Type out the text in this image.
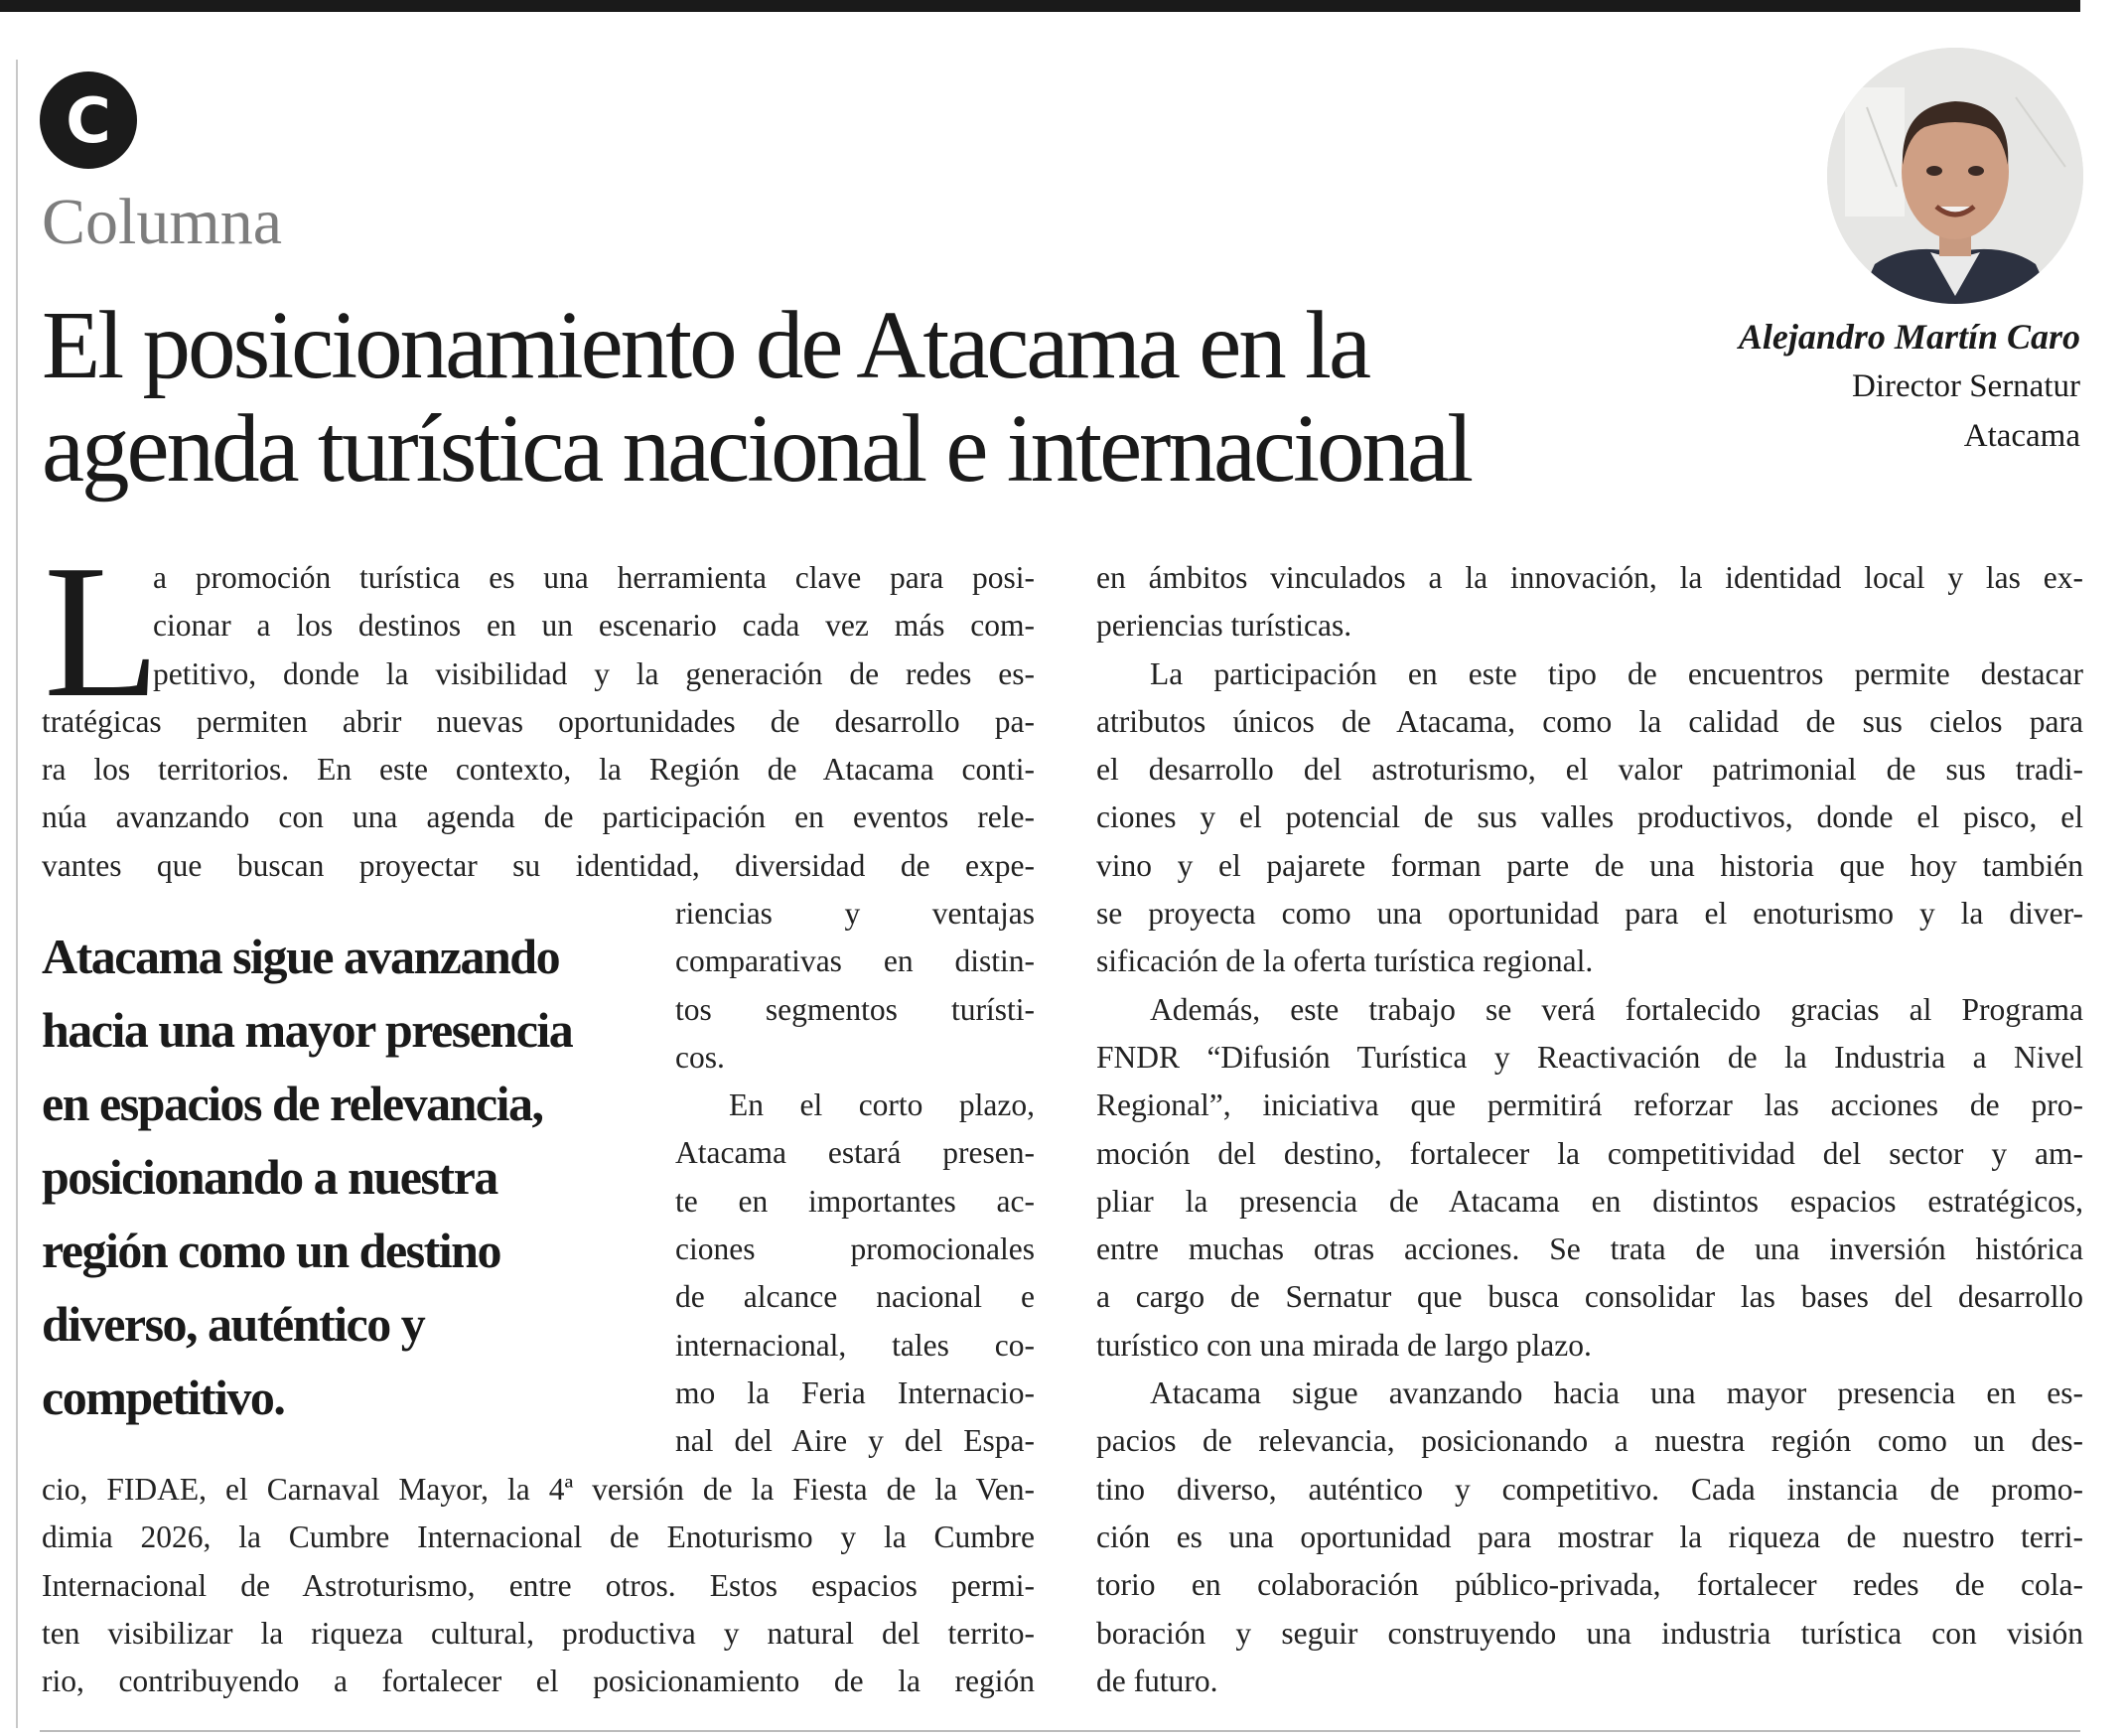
C
Columna
El posicionamiento de Atacama en la
agenda turística nacional e internacional
Alejandro Martín Caro
Director Sernatur
Atacama
L
a promoción turística es una herramienta clave para posi-
cionar a los destinos en un escenario cada vez más com-
petitivo, donde la visibilidad y la generación de redes es-
tratégicas permiten abrir nuevas oportunidades de desarrollo pa-
ra los territorios. En este contexto, la Región de Atacama conti-
núa avanzando con una agenda de participación en eventos rele-
vantes que buscan proyectar su identidad, diversidad de expe-
riencias y ventajas
comparativas en distin-
tos segmentos turísti-
cos.
En el corto plazo,
Atacama estará presen-
te en importantes ac-
ciones promocionales
de alcance nacional e
internacional, tales co-
mo la Feria Internacio-
nal del Aire y del Espa-
Atacama sigue avanzando
hacia una mayor presencia
en espacios de relevancia,
posicionando a nuestra
región como un destino
diverso, auténtico y
competitivo.
cio, FIDAE, el Carnaval Mayor, la 4ª versión de la Fiesta de la Ven-
dimia 2026, la Cumbre Internacional de Enoturismo y la Cumbre
Internacional de Astroturismo, entre otros. Estos espacios permi-
ten visibilizar la riqueza cultural, productiva y natural del territo-
rio, contribuyendo a fortalecer el posicionamiento de la región
en ámbitos vinculados a la innovación, la identidad local y las ex-
periencias turísticas.
La participación en este tipo de encuentros permite destacar
atributos únicos de Atacama, como la calidad de sus cielos para
el desarrollo del astroturismo, el valor patrimonial de sus tradi-
ciones y el potencial de sus valles productivos, donde el pisco, el
vino y el pajarete forman parte de una historia que hoy también
se proyecta como una oportunidad para el enoturismo y la diver-
sificación de la oferta turística regional.
Además, este trabajo se verá fortalecido gracias al Programa
FNDR “Difusión Turística y Reactivación de la Industria a Nivel
Regional”, iniciativa que permitirá reforzar las acciones de pro-
moción del destino, fortalecer la competitividad del sector y am-
pliar la presencia de Atacama en distintos espacios estratégicos,
entre muchas otras acciones. Se trata de una inversión histórica
a cargo de Sernatur que busca consolidar las bases del desarrollo
turístico con una mirada de largo plazo.
Atacama sigue avanzando hacia una mayor presencia en es-
pacios de relevancia, posicionando a nuestra región como un des-
tino diverso, auténtico y competitivo. Cada instancia de promo-
ción es una oportunidad para mostrar la riqueza de nuestro terri-
torio en colaboración público-privada, fortalecer redes de cola-
boración y seguir construyendo una industria turística con visión
de futuro.
